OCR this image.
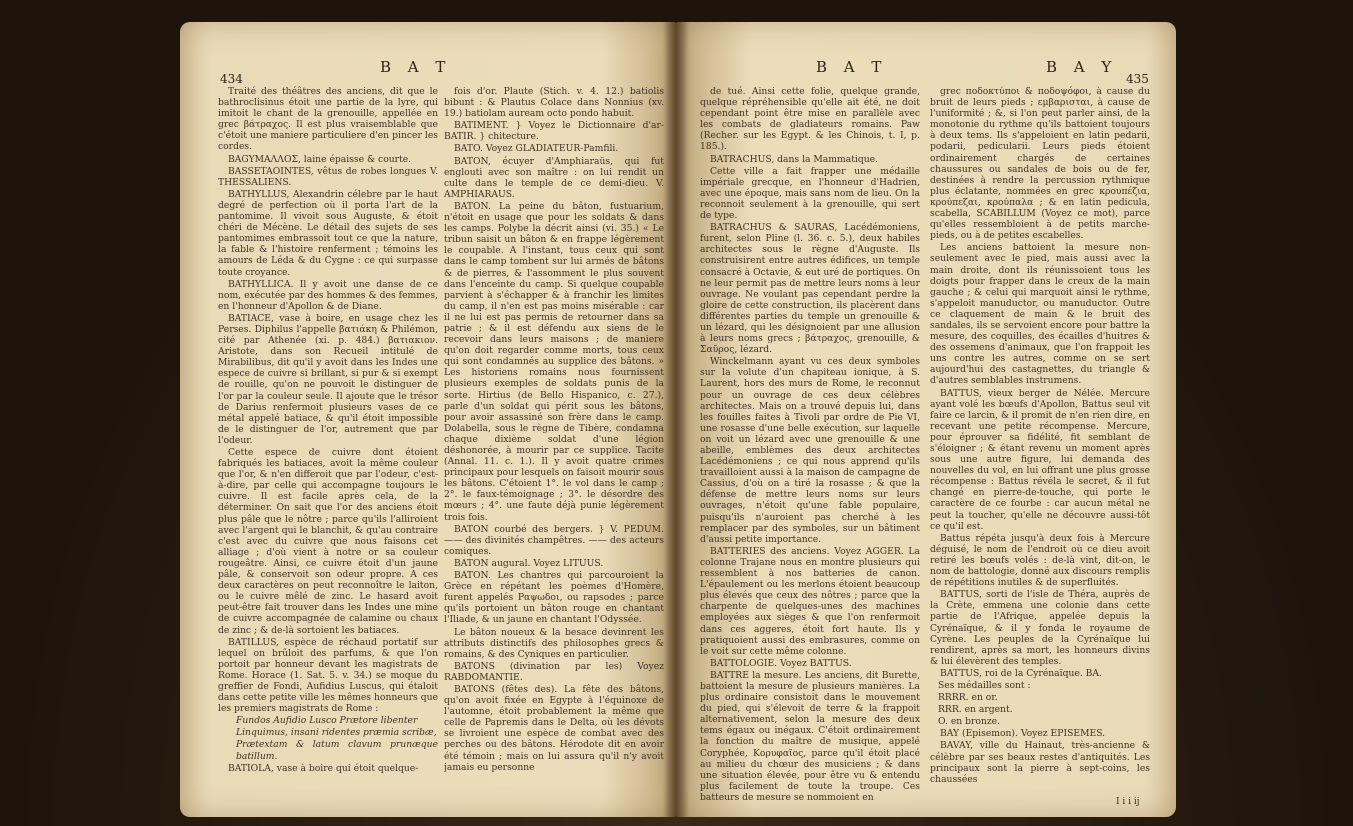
434
B A T

Traité des théâtres des anciens, dit que le bathroclisinus étoit une partie de la lyre, qui imitoit le chant de la grenouille, appellée en grec βάτραχος. Il est plus vraisemblable que c'étoit une maniere particuliere d'en pincer les cordes.

BAGYMAΛΛΟΣ, laine épaisse & courte.

BASSETAOINTES, vêtus de robes longues V. THESSALIENS.

BATHYLLUS, Alexandrin célebre par le haut degré de perfection où il porta l'art de la pantomime. Il vivoit sous Auguste, & étoit chéri de Mécène. Le détail des sujets de ses pantomimes embrassoit tout ce que la nature, la fable & l'histoire renferment ; témoins les amours de Léda & du Cygne : ce qui surpasse toute croyance.

BATHYLLICA. Il y avoit une danse de ce nom, exécutée par des hommes & des femmes, en l'honneur d'Apollon & de Diane.

BATIACE, vase à boire, en usage chez les Perses. Diphilus l'appelle βατιάκη & Philémon, cité par Athenée (xi. p. 484.) βατιακιον. Aristote, dans son Recueil intitulé de Mirabilibus, dit qu'il y avoit dans les Indes une espece de cuivre si brillant, si pur & si exempt de rouille, qu'on ne pouvoit le distinguer de l'or par la couleur seule. Il ajoute que le trésor de Darius renfermoit plusieurs vases de ce métal appelé batiace, & qu'il étoit impossible de le distinguer de l'or, autrement que par l'odeur.

Cette espece de cuivre dont étoient fabriqués les batiaces, avoit la même couleur que l'or, & n'en differoit que par l'odeur, c'est-à-dire, par celle qui accompagne toujours le cuivre. Il est facile après cela, de la déterminer. On sait que l'or des anciens étoit plus pâle que le nôtre ; parce qu'ils l'alliroient avec l'argent qui le blanchit, & qu'au contraire c'est avec du cuivre que nous faisons cet alliage ; d'où vient à notre or sa couleur rougeâtre. Ainsi, ce cuivre étoit d'un jaune pâle, & conservoit son odeur propre. A ces deux caractères on peut reconnoître le laiton, ou le cuivre mêlé de zinc. Le hasard avoit peut-être fait trouver dans les Indes une mine de cuivre accompagnée de calamine ou chaux de zinc ; & de-là sortoient les batiaces.

BATILLUS, espèce de réchaud portatif sur lequel on brûloit des parfums, & que l'on portoit par honneur devant les magistrats de Rome. Horace (1. Sat. 5. v. 34.) se moque du greffier de Fondi, Aufidius Luscus, qui étaloit dans cette petite ville les mêmes honneurs que les premiers magistrats de Rome :

Fundos Aufidio Lusco Prætore libenter

Linquimus, insani ridentes præmia scribæ,

Prætextam & latum clavum prunæque batillum.

BATIOLA, vase à boire qui étoit quelque-

fois d'or. Plaute (Stich. v. 4. 12.) batiolis bibunt : & Plautus Colace dans Nonnius (xv. 19.) batiolam auream octo pondo habuit.

BATIMENT. } Voyez le Dictionnaire d'ar- BATIR. } chitecture.

BATO. Voyez GLADIATEUR-Pamfili.

BATON, écuyer d'Amphiaraüs, qui fut englouti avec son maître : on lui rendit un culte dans le temple de ce demi-dieu. V. AMPHIARAUS.

BATON. La peine du bâton, fustuarium, n'étoit en usage que pour les soldats & dans les camps. Polybe la décrit ainsi (vi. 35.) « Le tribun saisit un bâton & en frappe légèrement le coupable. A l'instant, tous ceux qui sont dans le camp tombent sur lui armés de bâtons & de pierres, & l'assomment le plus souvent dans l'enceinte du camp. Si quelque coupable parvient à s'échapper & à franchir les limites du camp, il n'en est pas moins misérable : car il ne lui est pas permis de retourner dans sa patrie ; & il est défendu aux siens de le recevoir dans leurs maisons ; de maniere qu'on doit regarder comme morts, tous ceux qui sont condamnés au supplice des bâtons. » Les historiens romains nous fournissent plusieurs exemples de soldats punis de la sorte. Hirtius (de Bello Hispanico, c. 27.), parle d'un soldat qui périt sous les bâtons, pour avoir assassiné son frère dans le camp. Dolabella, sous le règne de Tibère, condamna chaque dixième soldat d'une légion déshonorée, à mourir par ce supplice. Tacite (Annal. 11. c. 1.). Il y avoit quatre crimes principaux pour lesquels on faisoit mourir sous les bâtons. C'étoient 1°. le vol dans le camp ; 2°. le faux-témoignage ; 3°. le désordre des mœurs ; 4°. une faute déjà punie légèrement trois fois.

BATON courbé des bergers. } V. PEDUM. —— des divinités champêtres. —— des acteurs comiques.

BATON augural. Voyez LITUUS.

BATON. Les chantres qui parcouroient la Grèce en répétant les poèmes d'Homère, furent appelés Ραψωδοι, ou rapsodes ; parce qu'ils portoient un bâton rouge en chantant l'Iliade, & un jaune en chantant l'Odyssée.

Le bâton noueux & la besace devinrent les attributs distinctifs des philosophes grecs & romains, & des Cyniques en particulier.

BATONS (divination par les) Voyez RABDOMANTIE.

BATONS (fêtes des). La fête des bâtons, qu'on avoit fixée en Egypte à l'équinoxe de l'automne, étoit probablement la même que celle de Papremis dans le Delta, où les dévots se livroient une espèce de combat avec des perches ou des bâtons. Hérodote dit en avoir été témoin ; mais on lui assura qu'il n'y avoit jamais eu personne

B A T	B A Y
435

de tué. Ainsi cette folie, quelque grande, quelque répréhensible qu'elle ait été, ne doit cependant point être mise en parallèle avec les combats de gladiateurs romains. Paw (Recher. sur les Egypt. & les Chinois, t. I, p. 185.).

BATRACHUS, dans la Mammatique.

Cette ville a fait frapper une médaille impériale grecque, en l'honneur d'Hadrien, avec une époque, mais sans nom de lieu. On la reconnoit seulement à la grenouille, qui sert de type.

BATRACHUS & SAURAS, Lacédémoniens, furent, selon Pline (l. 36. c. 5.), deux habiles architectes sous le règne d'Auguste. Ils construisirent entre autres édifices, un temple consacré à Octavie, & eut uré de portiques. On ne leur permit pas de mettre leurs noms à leur ouvrage. Ne voulant pas cependant perdre la gloire de cette construction, ils placèrent dans différentes parties du temple un grenouille & un lézard, qui les désignoient par une allusion à leurs noms grecs ; βάτραχος, grenouille, & Σαῦρος, lézard.

Winckelmann ayant vu ces deux symboles sur la volute d'un chapiteau ionique, à S. Laurent, hors des murs de Rome, le reconnut pour un ouvrage de ces deux célèbres architectes. Mais on a trouvé depuis lui, dans les fouilles faites à Tivoli par ordre de Pie VI, une rosasse d'une belle exécution, sur laquelle on voit un lézard avec une grenouille & une abeille, emblèmes des deux architectes Lacédémoniens ; ce qui nous apprend qu'ils travailloient aussi à la maison de campagne de Cassius, d'où on a tiré la rosasse ; & que la défense de mettre leurs noms sur leurs ouvrages, n'étoit qu'une fable populaire, puisqu'ils n'auroient pas cherché à les remplacer par des symboles, sur un bâtiment d'aussi petite importance.

BATTERIES des anciens. Voyez AGGER. La colonne Trajane nous en montre plusieurs qui ressemblent à nos batteries de canon. L'épaulement ou les merlons étoient beaucoup plus élevés que ceux des nôtres ; parce que la charpente de quelques-unes des machines employées aux sièges & que l'on renfermoit dans ces aggeres, étoit fort haute. Ils y pratiquoient aussi des embrasures, comme on le voit sur cette même colonne.

BATTOLOGIE. Voyez BATTUS.

BATTRE la mesure. Les anciens, dit Burette, battoient la mesure de plusieurs manières. La plus ordinaire consistoit dans le mouvement du pied, qui s'élevoit de terre & la frappoit alternativement, selon la mesure des deux tems égaux ou inégaux. C'étoit ordinairement la fonction du maître de musique, appelé Coryphée, Κορυφαῖος, parce qu'il étoit placé au milieu du chœur des musiciens ; & dans une situation élevée, pour être vu & entendu plus facilement de toute la troupe. Ces batteurs de mesure se nommoient en

grec ποδοκτύποι & ποδοψόφοι, à cause du bruit de leurs pieds ; εμβαρισται, à cause de l'uniformité ; &, si l'on peut parler ainsi, de la monotonie du rythme qu'ils battoient toujours à deux tems. Ils s'appeloient en latin pedarii, podarii, pedicularii. Leurs pieds étoient ordinairement chargés de certaines chaussures ou sandales de bois ou de fer, destinées à rendre la percussion rythmique plus éclatante, nommées en grec κρουπέζια, κρούπεζαι, κρούπαλα ; & en latin pedicula, scabella, SCABILLUM (Voyez ce mot), parce qu'elles ressembloient à de petits marche-pieds, ou à de petites escabelles.

Les anciens battoient la mesure non-seulement avec le pied, mais aussi avec la main droite, dont ils réunissoient tous les doigts pour frapper dans le creux de la main gauche ; & celui qui marquoit ainsi le rythme, s'appeloit manuductor, ou manuductor. Outre ce claquement de main & le bruit des sandales, ils se servoient encore pour battre la mesure, des coquilles, des écailles d'huitres & des ossemens d'animaux, que l'on frappoit les uns contre les autres, comme on se sert aujourd'hui des castagnettes, du triangle & d'autres semblables instrumens.

BATTUS, vieux berger de Nélée. Mercure ayant volé les bœufs d'Apollon, Battus seul vit faire ce larcin, & il promit de n'en rien dire, en recevant une petite récompense. Mercure, pour éprouver sa fidélité, fit semblant de s'éloigner ; & étant revenu un moment après sous une autre figure, lui demanda des nouvelles du vol, en lui offrant une plus grosse récompense : Battus révéla le secret, & il fut changé en pierre-de-touche, qui porte le caractère de ce fourbe : car aucun métal ne peut la toucher, qu'elle ne découvre aussi-tôt ce qu'il est.

Battus répéta jusqu'à deux fois à Mercure déguisé, le nom de l'endroit où ce dieu avoit retiré les bœufs volés : de-là vint, dit-on, le nom de battologie, donné aux discours remplis de répétitions inutiles & de superfluités.

BATTUS, sorti de l'isle de Théra, auprès de la Crète, emmena une colonie dans cette partie de l'Afrique, appelée depuis la Cyrénaïque, & il y fonda le royaume de Cyrène. Les peuples de la Cyrénaïque lui rendirent, après sa mort, les honneurs divins & lui élevèrent des temples.

BATTUS, roi de la Cyrénaïque. BA.

Ses médailles sont :

RRRR. en or.

RRR. en argent.

O. en bronze.

BAY (Episemon). Voyez EPISEMES.

BAVAY, ville du Hainaut, très-ancienne & célèbre par ses beaux restes d'antiquités. Les principaux sont la pierre à sept-coins, les chaussées

I i i ij
